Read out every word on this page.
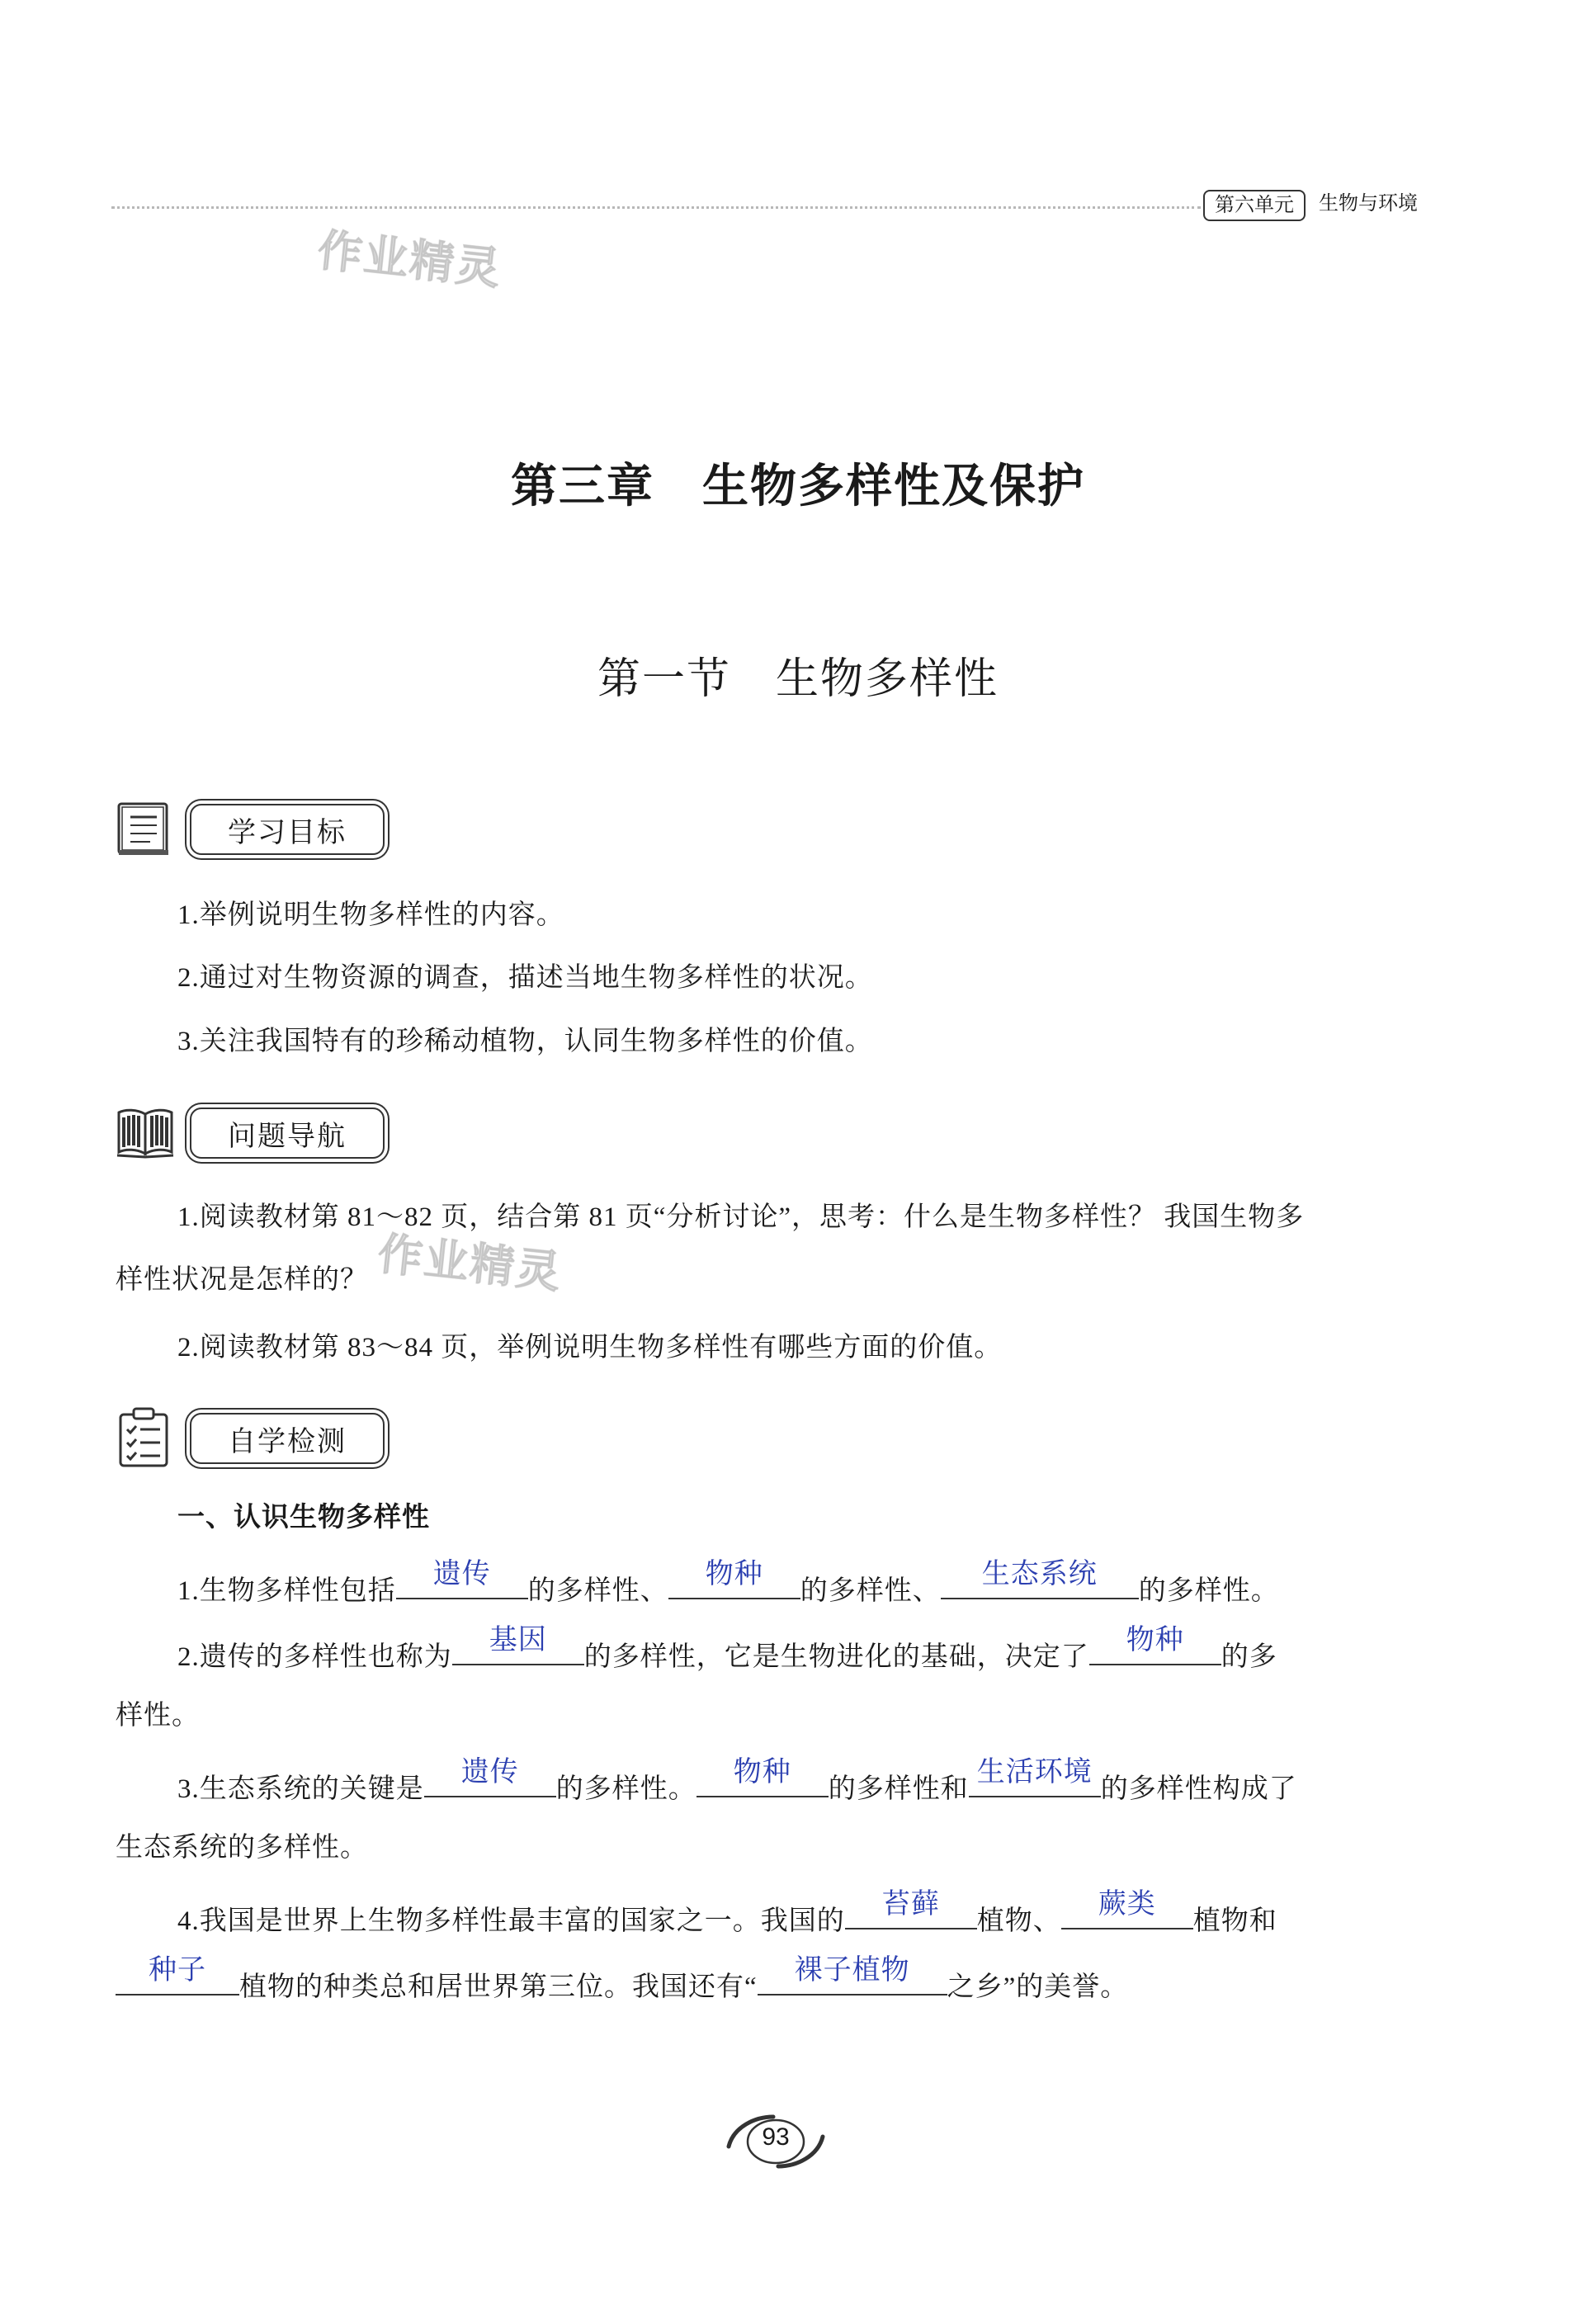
第六单元	生物与环境
作业精灵
作业精灵
第三章　生物多样性及保护
第一节　生物多样性
学习目标
1.举例说明生物多样性的内容。
2.通过对生物资源的调查，描述当地生物多样性的状况。
3.关注我国特有的珍稀动植物，认同生物多样性的价值。
问题导航
1.阅读教材第 81～82 页，结合第 81 页“分析讨论”，思考：什么是生物多样性？ 我国生物多
样性状况是怎样的？
2.阅读教材第 83～84 页，举例说明生物多样性有哪些方面的价值。
自学检测
一、认识生物多样性
1.生物多样性包括
遗传
的多样性、
物种
的多样性、
生态系统
的多样性。
2.遗传的多样性也称为
基因
的多样性，它是生物进化的基础，决定了
物种
的多
样性。
3.生态系统的关键是
遗传
的多样性。
物种
的多样性和
生活环境
的多样性构成了
生态系统的多样性。
4.我国是世界上生物多样性最丰富的国家之一。我国的
苔藓
植物、
蕨类
植物和
种子
植物的种类总和居世界第三位。我国还有“
裸子植物
之乡”的美誉。
93
